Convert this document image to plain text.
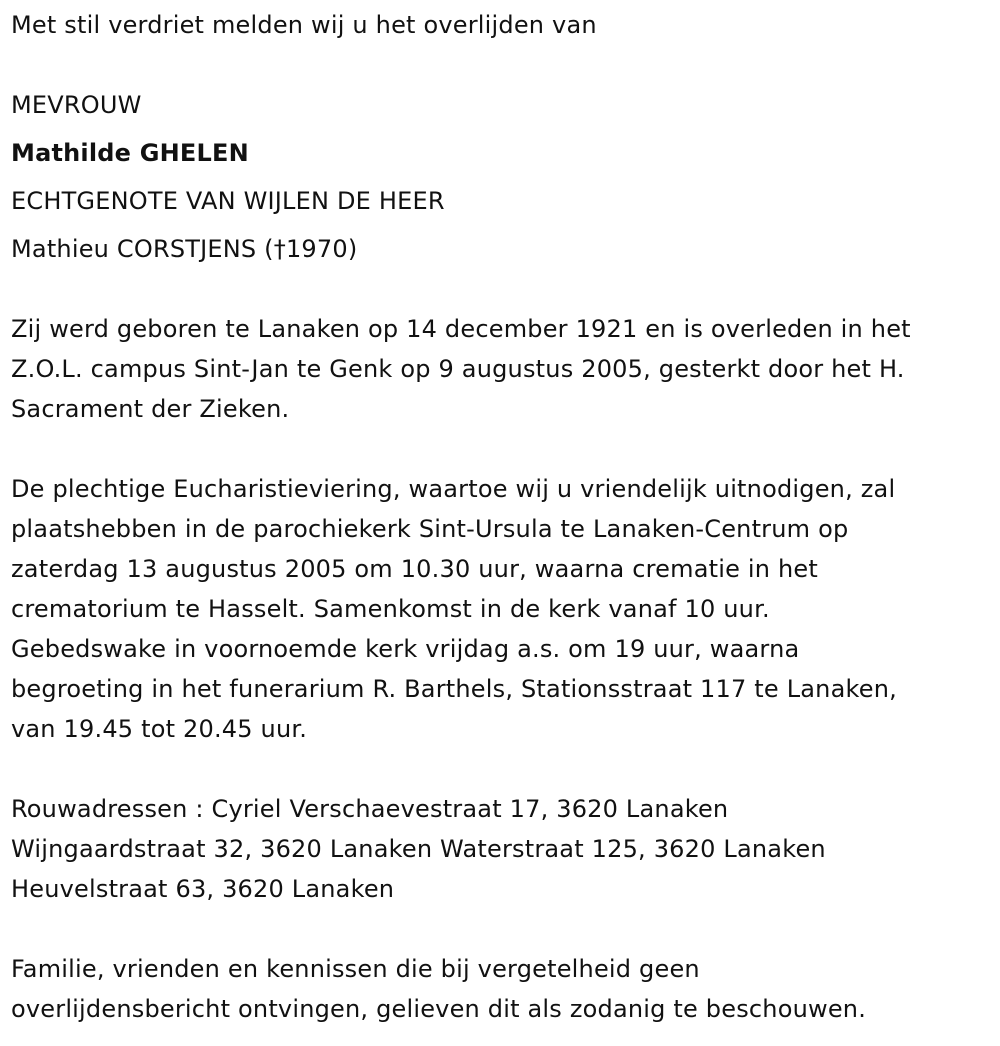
Met stil verdriet melden wij u het overlijden van
MEVROUW
Mathilde GHELEN
ECHTGENOTE VAN WIJLEN DE HEER
Mathieu CORSTJENS (†1970)
Zij werd geboren te Lanaken op 14 december 1921 en is overleden in het
Z.O.L. campus Sint-Jan te Genk op 9 augustus 2005, gesterkt door het H.
Sacrament der Zieken.
De plechtige Eucharistieviering, waartoe wij u vriendelijk uitnodigen, zal
plaatshebben in de parochiekerk Sint-Ursula te Lanaken-Centrum op
zaterdag 13 augustus 2005 om 10.30 uur, waarna crematie in het
crematorium te Hasselt. Samenkomst in de kerk vanaf 10 uur.
Gebedswake in voornoemde kerk vrijdag a.s. om 19 uur, waarna
begroeting in het funerarium R. Barthels, Stationsstraat 117 te Lanaken,
van 19.45 tot 20.45 uur.
Rouwadressen : Cyriel Verschaevestraat 17, 3620 Lanaken
Wijngaardstraat 32, 3620 Lanaken Waterstraat 125, 3620 Lanaken
Heuvelstraat 63, 3620 Lanaken
Familie, vrienden en kennissen die bij vergetelheid geen
overlijdensbericht ontvingen, gelieven dit als zodanig te beschouwen.
